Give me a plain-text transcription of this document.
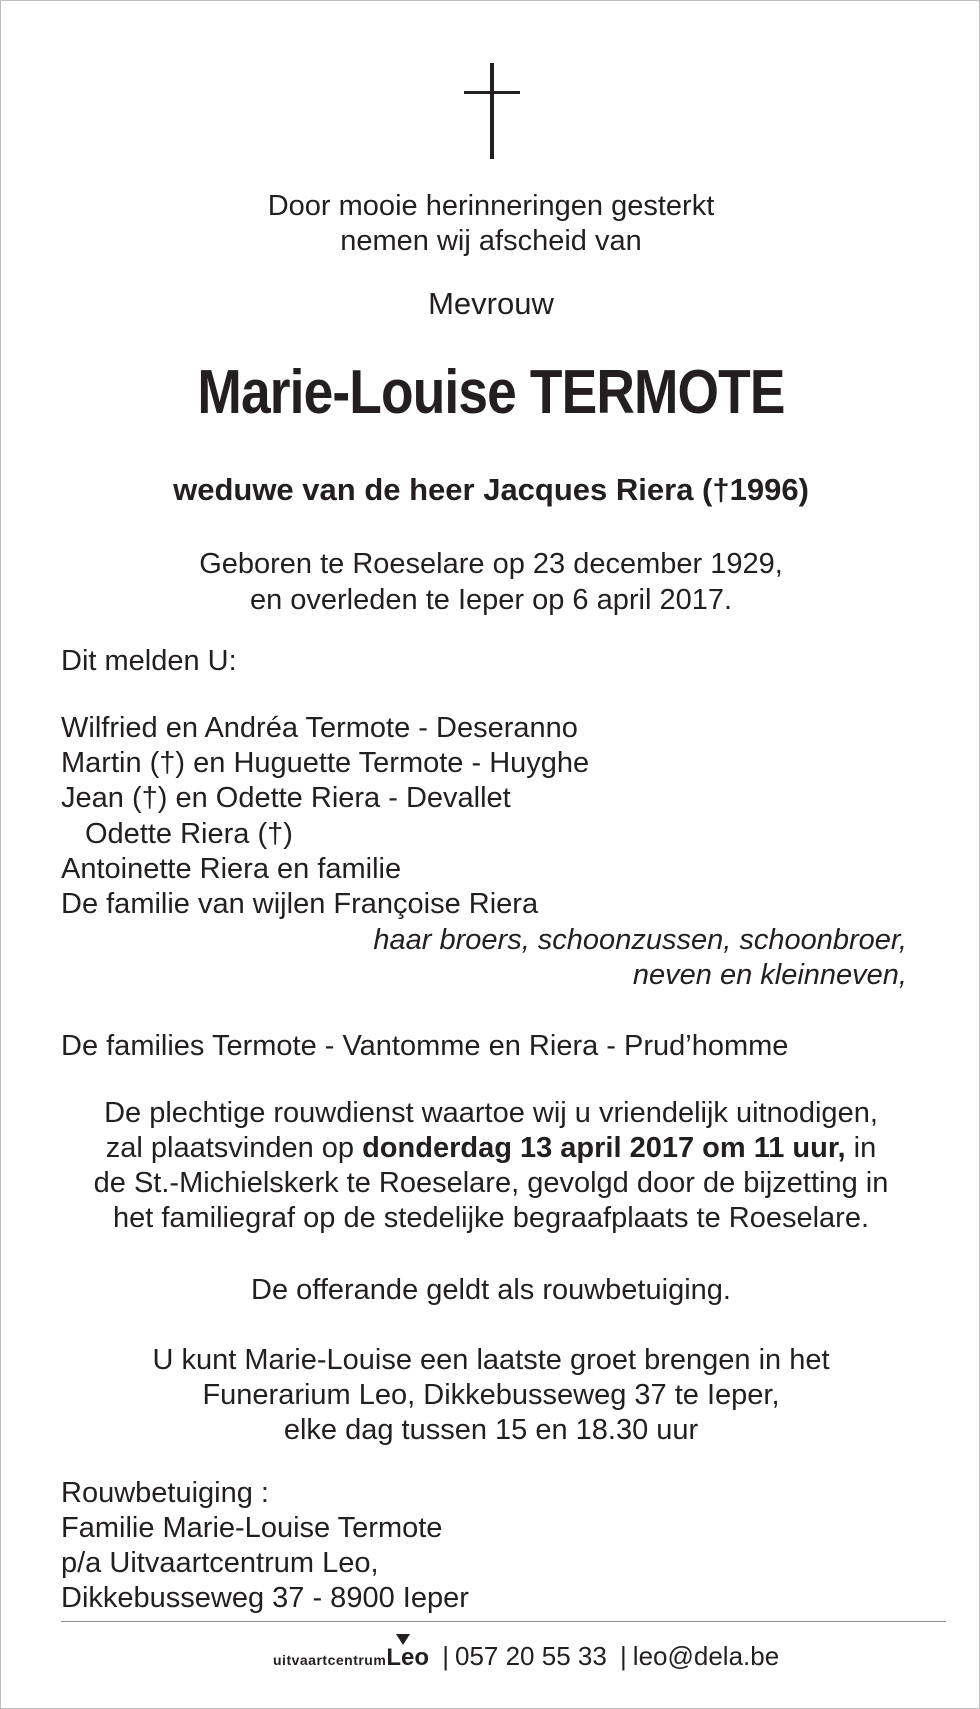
Door mooie herinneringen gesterkt
nemen wij afscheid van
Mevrouw
Marie-Louise TERMOTE
weduwe van de heer Jacques Riera (†1996)
Geboren te Roeselare op 23 december 1929,
en overleden te Ieper op 6 april 2017.
Dit melden U:
Wilfried en Andréa Termote - Deseranno
Martin (†) en Huguette Termote - Huyghe
Jean (†) en Odette Riera - Devallet
Odette Riera (†)
Antoinette Riera en familie
De familie van wijlen Françoise Riera
haar broers, schoonzussen, schoonbroer,
neven en kleinneven,
De families Termote - Vantomme en Riera - Prud’homme
De plechtige rouwdienst waartoe wij u vriendelijk uitnodigen,
zal plaatsvinden op donderdag 13 april 2017 om 11 uur, in
de St.-Michielskerk te Roeselare, gevolgd door de bijzetting in
het familiegraf op de stedelijke begraafplaats te Roeselare.
De offerande geldt als rouwbetuiging.
U kunt Marie-Louise een laatste groet brengen in het
Funerarium Leo, Dikkebusseweg 37 te Ieper,
elke dag tussen 15 en 18.30 uur
Rouwbetuiging :
Familie Marie-Louise Termote
p/a Uitvaartcentrum Leo,
Dikkebusseweg 37 - 8900 Ieper
uitvaartcentrum
Leo | 057 20 55 33 | leo@dela.be
